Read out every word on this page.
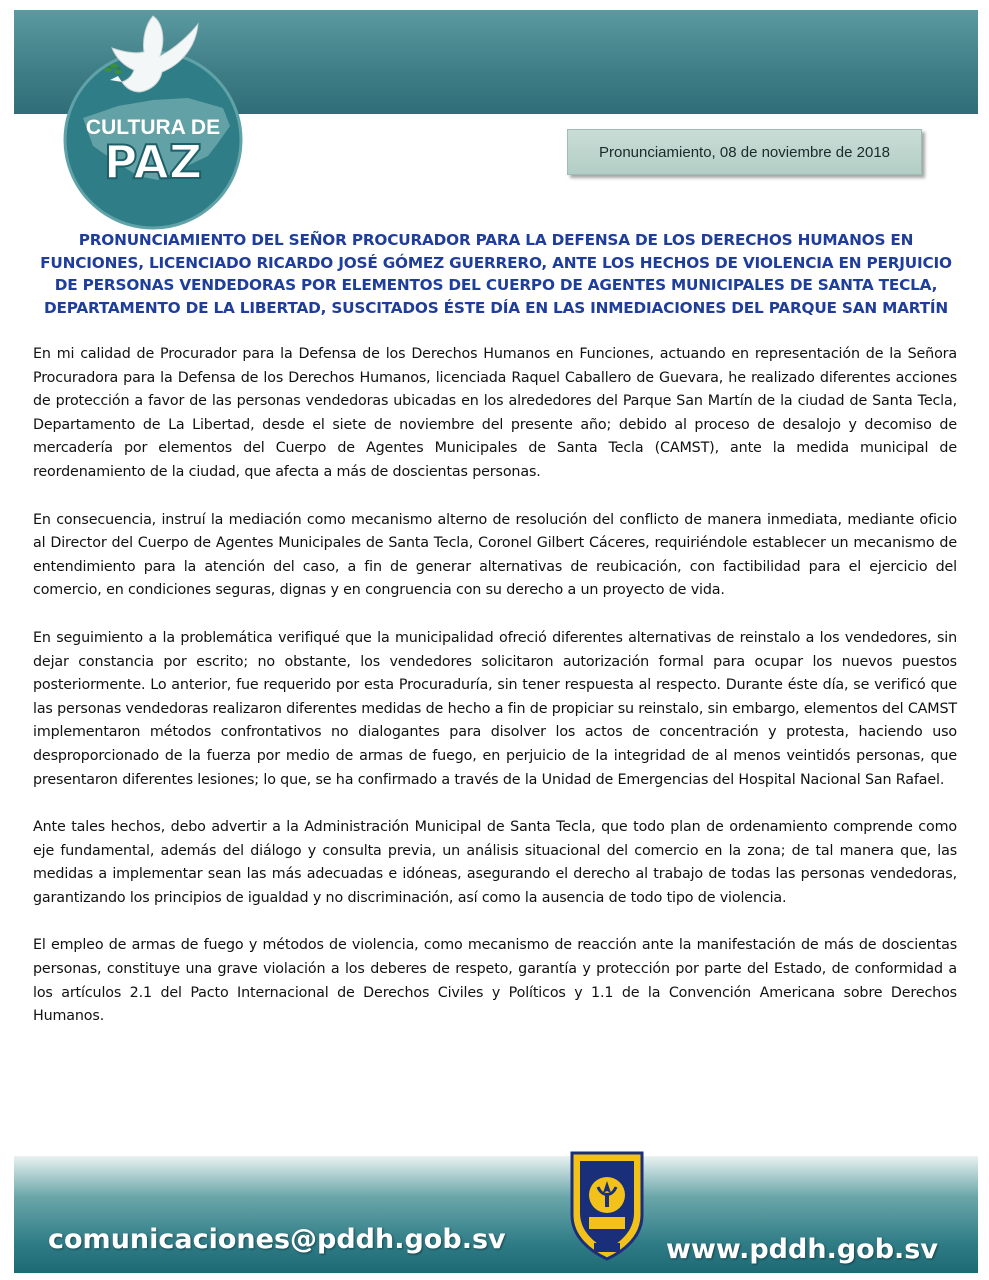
CULTURA DE
PAZ	Pronunciamiento, 08 de noviembre de 2018
PRONUNCIAMIENTO DEL SEÑOR PROCURADOR PARA LA DEFENSA DE LOS DERECHOS HUMANOS EN FUNCIONES, LICENCIADO RICARDO JOSÉ GÓMEZ GUERRERO, ANTE LOS HECHOS DE VIOLENCIA EN PERJUICIO DE PERSONAS VENDEDORAS POR ELEMENTOS DEL CUERPO DE AGENTES MUNICIPALES DE SANTA TECLA, DEPARTAMENTO DE LA LIBERTAD, SUSCITADOS ÉSTE DÍA EN LAS INMEDIACIONES DEL PARQUE SAN MARTÍN

En mi calidad de Procurador para la Defensa de los Derechos Humanos en Funciones, actuando en representación de la Señora Procuradora para la Defensa de los Derechos Humanos, licenciada Raquel Caballero de Guevara, he realizado diferentes acciones de protección a favor de las personas vendedoras ubicadas en los alrededores del Parque San Martín de la ciudad de Santa Tecla, Departamento de La Libertad, desde el siete de noviembre del presente año; debido al proceso de desalojo y decomiso de mercadería por elementos del Cuerpo de Agentes Municipales de Santa Tecla (CAMST), ante la medida municipal de reordenamiento de la ciudad, que afecta a más de doscientas personas.

En consecuencia, instruí la mediación como mecanismo alterno de resolución del conflicto de manera inmediata, mediante oficio al Director del Cuerpo de Agentes Municipales de Santa Tecla, Coronel Gilbert Cáceres, requiriéndole establecer un mecanismo de entendimiento para la atención del caso, a fin de generar alternativas de reubicación, con factibilidad para el ejercicio del comercio, en condiciones seguras, dignas y en congruencia con su derecho a un proyecto de vida.

En seguimiento a la problemática verifiqué que la municipalidad ofreció diferentes alternativas de reinstalo a los vendedores, sin dejar constancia por escrito; no obstante, los vendedores solicitaron autorización formal para ocupar los nuevos puestos posteriormente. Lo anterior, fue requerido por esta Procuraduría, sin tener respuesta al respecto. Durante éste día, se verificó que las personas vendedoras realizaron diferentes medidas de hecho a fin de propiciar su reinstalo, sin embargo, elementos del CAMST implementaron métodos confrontativos no dialogantes para disolver los actos de concentración y protesta, haciendo uso desproporcionado de la fuerza por medio de armas de fuego, en perjuicio de la integridad de al menos veintidós personas, que presentaron diferentes lesiones; lo que, se ha confirmado a través de la Unidad de Emergencias del Hospital Nacional San Rafael.

Ante tales hechos, debo advertir a la Administración Municipal de Santa Tecla, que todo plan de ordenamiento comprende como eje fundamental, además del diálogo y consulta previa, un análisis situacional del comercio en la zona; de tal manera que, las medidas a implementar sean las más adecuadas e idóneas, asegurando el derecho al trabajo de todas las personas vendedoras, garantizando los principios de igualdad y no discriminación, así como la ausencia de todo tipo de violencia.

El empleo de armas de fuego y métodos de violencia, como mecanismo de reacción ante la manifestación de más de doscientas personas, constituye una grave violación a los deberes de respeto, garantía y protección por parte del Estado, de conformidad a los artículos 2.1 del Pacto Internacional de Derechos Civiles y Políticos y 1.1 de la Convención Americana sobre Derechos Humanos.

comunicaciones@pddh.gob.sv	www.pddh.gob.sv
